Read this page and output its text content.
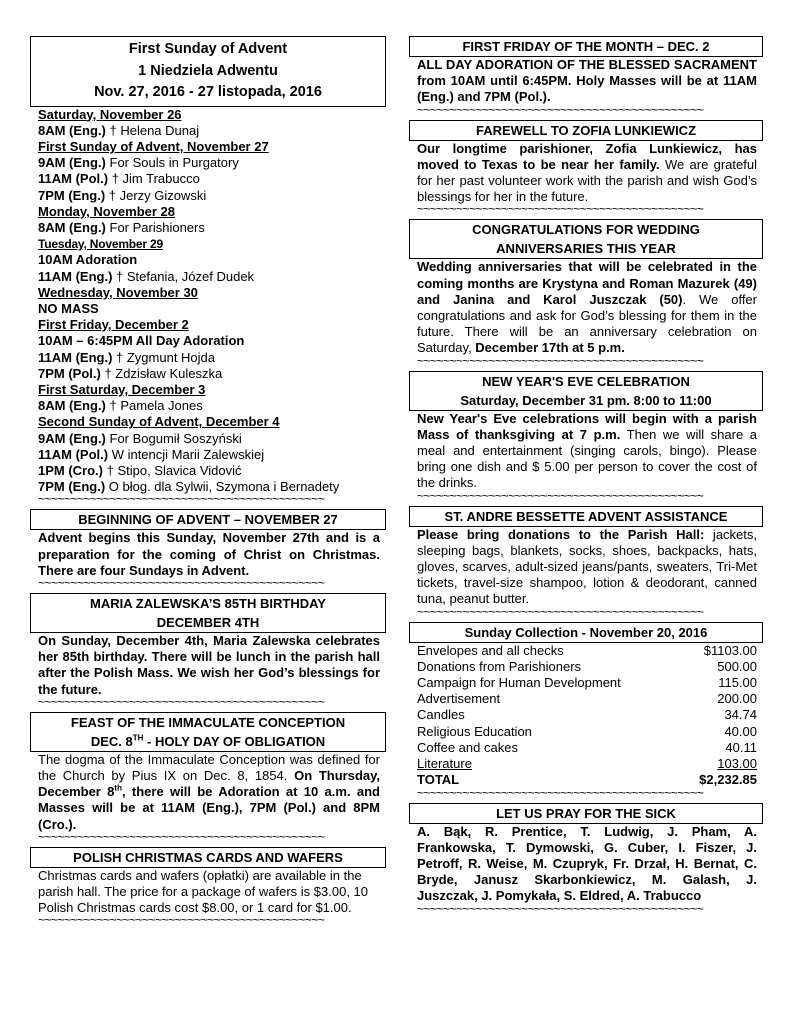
First Sunday of Advent
1 Niedziela Adwentu
Nov. 27, 2016 - 27 listopada, 2016
Saturday, November 26
8AM (Eng.) † Helena Dunaj
First Sunday of Advent, November 27
9AM (Eng.) For Souls in Purgatory
11AM (Pol.) † Jim Trabucco
7PM (Eng.) † Jerzy Gizowski
Monday, November 28
8AM (Eng.) For Parishioners
Tuesday, November 29
10AM Adoration
11AM (Eng.) † Stefania, Józef Dudek
Wednesday, November 30
NO MASS
First Friday, December 2
10AM – 6:45PM All Day Adoration
11AM (Eng.) † Zygmunt Hojda
7PM (Pol.) † Zdzisław Kuleszka
First Saturday, December 3
8AM (Eng.) † Pamela Jones
Second Sunday of Advent, December 4
9AM (Eng.) For Bogumił Soszyński
11AM (Pol.) W intencji Marii Zalewskiej
1PM (Cro.) † Stipo, Slavica Vidović
7PM (Eng.) O błog. dla Sylwii, Szymona i Bernadety
~~~~~~~~~~~~~~~~~~~~~~~~~~~~~~~~~~~~~~~~~~~~
BEGINNING OF ADVENT – NOVEMBER 27
Advent begins this Sunday, November 27th and is a preparation for the coming of Christ on Christmas. There are four Sundays in Advent.
~~~~~~~~~~~~~~~~~~~~~~~~~~~~~~~~~~~~~~~~~~~~
MARIA ZALEWSKA’S 85TH BIRTHDAY
DECEMBER 4TH
On Sunday, December 4th, Maria Zalewska celebrates her 85th birthday. There will be lunch in the parish hall after the Polish Mass. We wish her God’s blessings for the future.
~~~~~~~~~~~~~~~~~~~~~~~~~~~~~~~~~~~~~~~~~~~~
FEAST OF THE IMMACULATE CONCEPTION
DEC. 8TH - HOLY DAY OF OBLIGATION
The dogma of the Immaculate Conception was defined for the Church by Pius IX on Dec. 8, 1854. On Thursday, December 8th, there will be Adoration at 10 a.m. and Masses will be at 11AM (Eng.), 7PM (Pol.) and 8PM (Cro.).
~~~~~~~~~~~~~~~~~~~~~~~~~~~~~~~~~~~~~~~~~~~~
POLISH CHRISTMAS CARDS AND WAFERS
Christmas cards and wafers (opłatki) are available in the parish hall. The price for a package of wafers is $3.00, 10 Polish Christmas cards cost $8.00, or 1 card for $1.00.
~~~~~~~~~~~~~~~~~~~~~~~~~~~~~~~~~~~~~~~~~~~~
FIRST FRIDAY OF THE MONTH – DEC. 2
ALL DAY ADORATION OF THE BLESSED SACRAMENT from 10AM until 6:45PM. Holy Masses will be at 11AM (Eng.) and 7PM (Pol.).
~~~~~~~~~~~~~~~~~~~~~~~~~~~~~~~~~~~~~~~~~~~~
FAREWELL TO ZOFIA LUNKIEWICZ
Our longtime parishioner, Zofia Lunkiewicz, has moved to Texas to be near her family. We are grateful for her past volunteer work with the parish and wish God’s blessings for her in the future.
~~~~~~~~~~~~~~~~~~~~~~~~~~~~~~~~~~~~~~~~~~~~
CONGRATULATIONS FOR WEDDING
ANNIVERSARIES THIS YEAR
Wedding anniversaries that will be celebrated in the coming months are Krystyna and Roman Mazurek (49) and Janina and Karol Juszczak (50). We offer congratulations and ask for God’s blessing for them in the future. There will be an anniversary celebration on Saturday, December 17th at 5 p.m.
~~~~~~~~~~~~~~~~~~~~~~~~~~~~~~~~~~~~~~~~~~~~
NEW YEAR'S EVE CELEBRATION
Saturday, December 31 pm. 8:00 to 11:00
New Year's Eve celebrations will begin with a parish Mass of thanksgiving at 7 p.m. Then we will share a meal and entertainment (singing carols, bingo). Please bring one dish and $ 5.00 per person to cover the cost of the drinks.
~~~~~~~~~~~~~~~~~~~~~~~~~~~~~~~~~~~~~~~~~~~~
ST. ANDRE BESSETTE ADVENT ASSISTANCE
Please bring donations to the Parish Hall: jackets, sleeping bags, blankets, socks, shoes, backpacks, hats, gloves, scarves, adult-sized jeans/pants, sweaters, Tri-Met tickets, travel-size shampoo, lotion & deodorant, canned tuna, peanut butter.
~~~~~~~~~~~~~~~~~~~~~~~~~~~~~~~~~~~~~~~~~~~~
Sunday Collection - November 20, 2016
Envelopes and all checks	$1103.00
Donations from Parishioners	500.00
Campaign for Human Development	115.00
Advertisement	200.00
Candles	34.74
Religious Education	40.00
Coffee and cakes	40.11
Literature	103.00
TOTAL	$2,232.85
~~~~~~~~~~~~~~~~~~~~~~~~~~~~~~~~~~~~~~~~~~~~
LET US PRAY FOR THE SICK
A. Bąk, R. Prentice, T. Ludwig, J. Pham, A. Frankowska, T. Dymowski, G. Cuber, I. Fiszer, J. Petroff, R. Weise, M. Czupryk, Fr. Drzał, H. Bernat, C. Bryde, Janusz Skarbonkiewicz, M. Galash, J. Juszczak, J. Pomykała, S. Eldred, A. Trabucco
~~~~~~~~~~~~~~~~~~~~~~~~~~~~~~~~~~~~~~~~~~~~
